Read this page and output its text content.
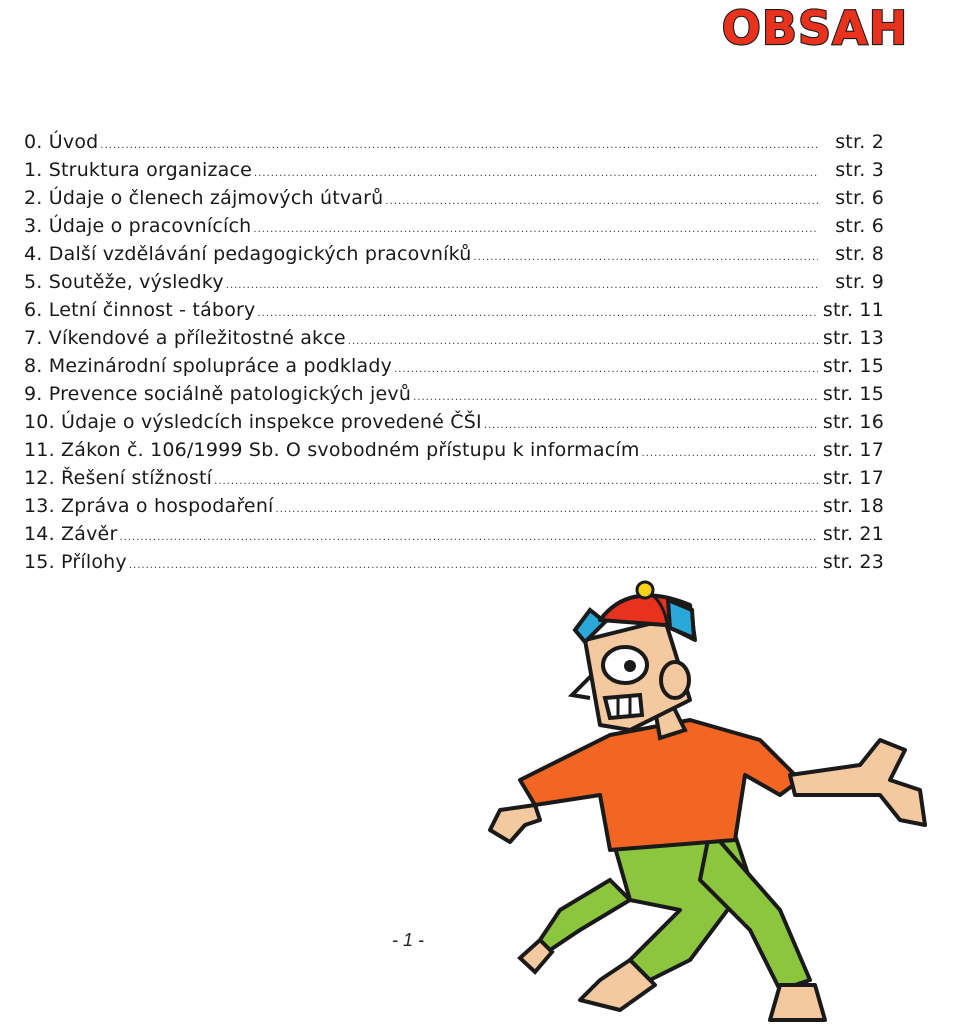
OBSAH
0. Úvod .....	str. 2
1. Struktura organizace .....	str. 3
2. Údaje o členech zájmových útvarů .....	str. 6
3. Údaje o pracovnících .....	str. 6
4. Další vzdělávání pedagogických pracovníků .....	str. 8
5. Soutěže, výsledky .....	str. 9
6. Letní činnost - tábory .....	str. 11
7. Víkendové a příležitostné akce .....	str. 13
8. Mezinárodní spolupráce a podklady .....	str. 15
9. Prevence sociálně patologických jevů .....	str. 15
10. Údaje o výsledcích inspekce provedené ČŠI .....	str. 16
11. Zákon č. 106/1999 Sb. O svobodném přístupu k informacím .....	str. 17
12. Řešení stížností .....	str. 17
13. Zpráva o hospodaření .....	str. 18
14. Závěr .....	str. 21
15. Přílohy .....	str. 23
- 1 -
